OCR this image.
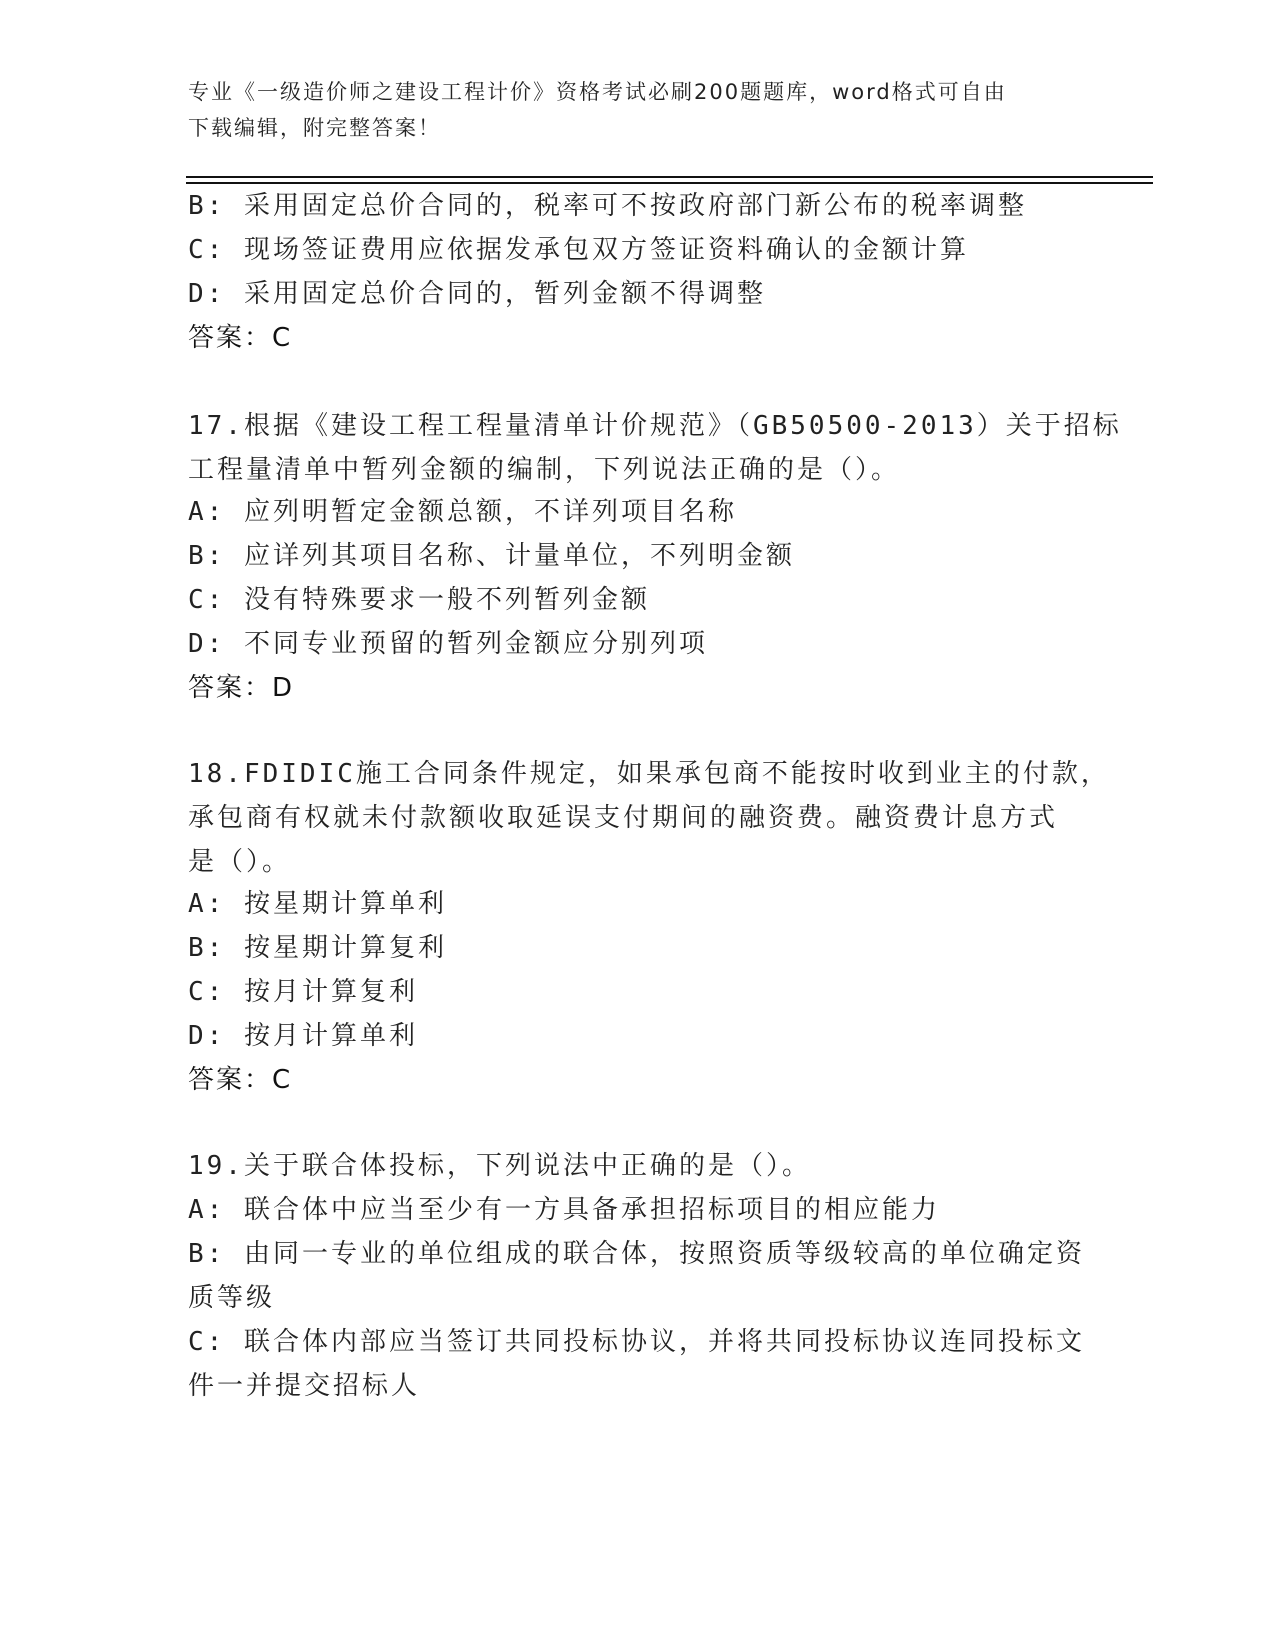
专业《一级造价师之建设工程计价》资格考试必刷200题题库，word格式可自由
下载编辑，附完整答案！
B: 采用固定总价合同的，税率可不按政府部门新公布的税率调整
C: 现场签证费用应依据发承包双方签证资料确认的金额计算
D: 采用固定总价合同的，暂列金额不得调整
答案：C
17.根据《建设工程工程量清单计价规范》（GB50500-2013）关于招标
工程量清单中暂列金额的编制，下列说法正确的是（）。
A: 应列明暂定金额总额，不详列项目名称
B: 应详列其项目名称、计量单位，不列明金额
C: 没有特殊要求一般不列暂列金额
D: 不同专业预留的暂列金额应分别列项
答案：D
18.FDIDIC施工合同条件规定，如果承包商不能按时收到业主的付款，
承包商有权就未付款额收取延误支付期间的融资费。融资费计息方式
是（）。
A: 按星期计算单利
B: 按星期计算复利
C: 按月计算复利
D: 按月计算单利
答案：C
19.关于联合体投标，下列说法中正确的是（）。
A: 联合体中应当至少有一方具备承担招标项目的相应能力
B: 由同一专业的单位组成的联合体，按照资质等级较高的单位确定资
质等级
C: 联合体内部应当签订共同投标协议，并将共同投标协议连同投标文
件一并提交招标人
